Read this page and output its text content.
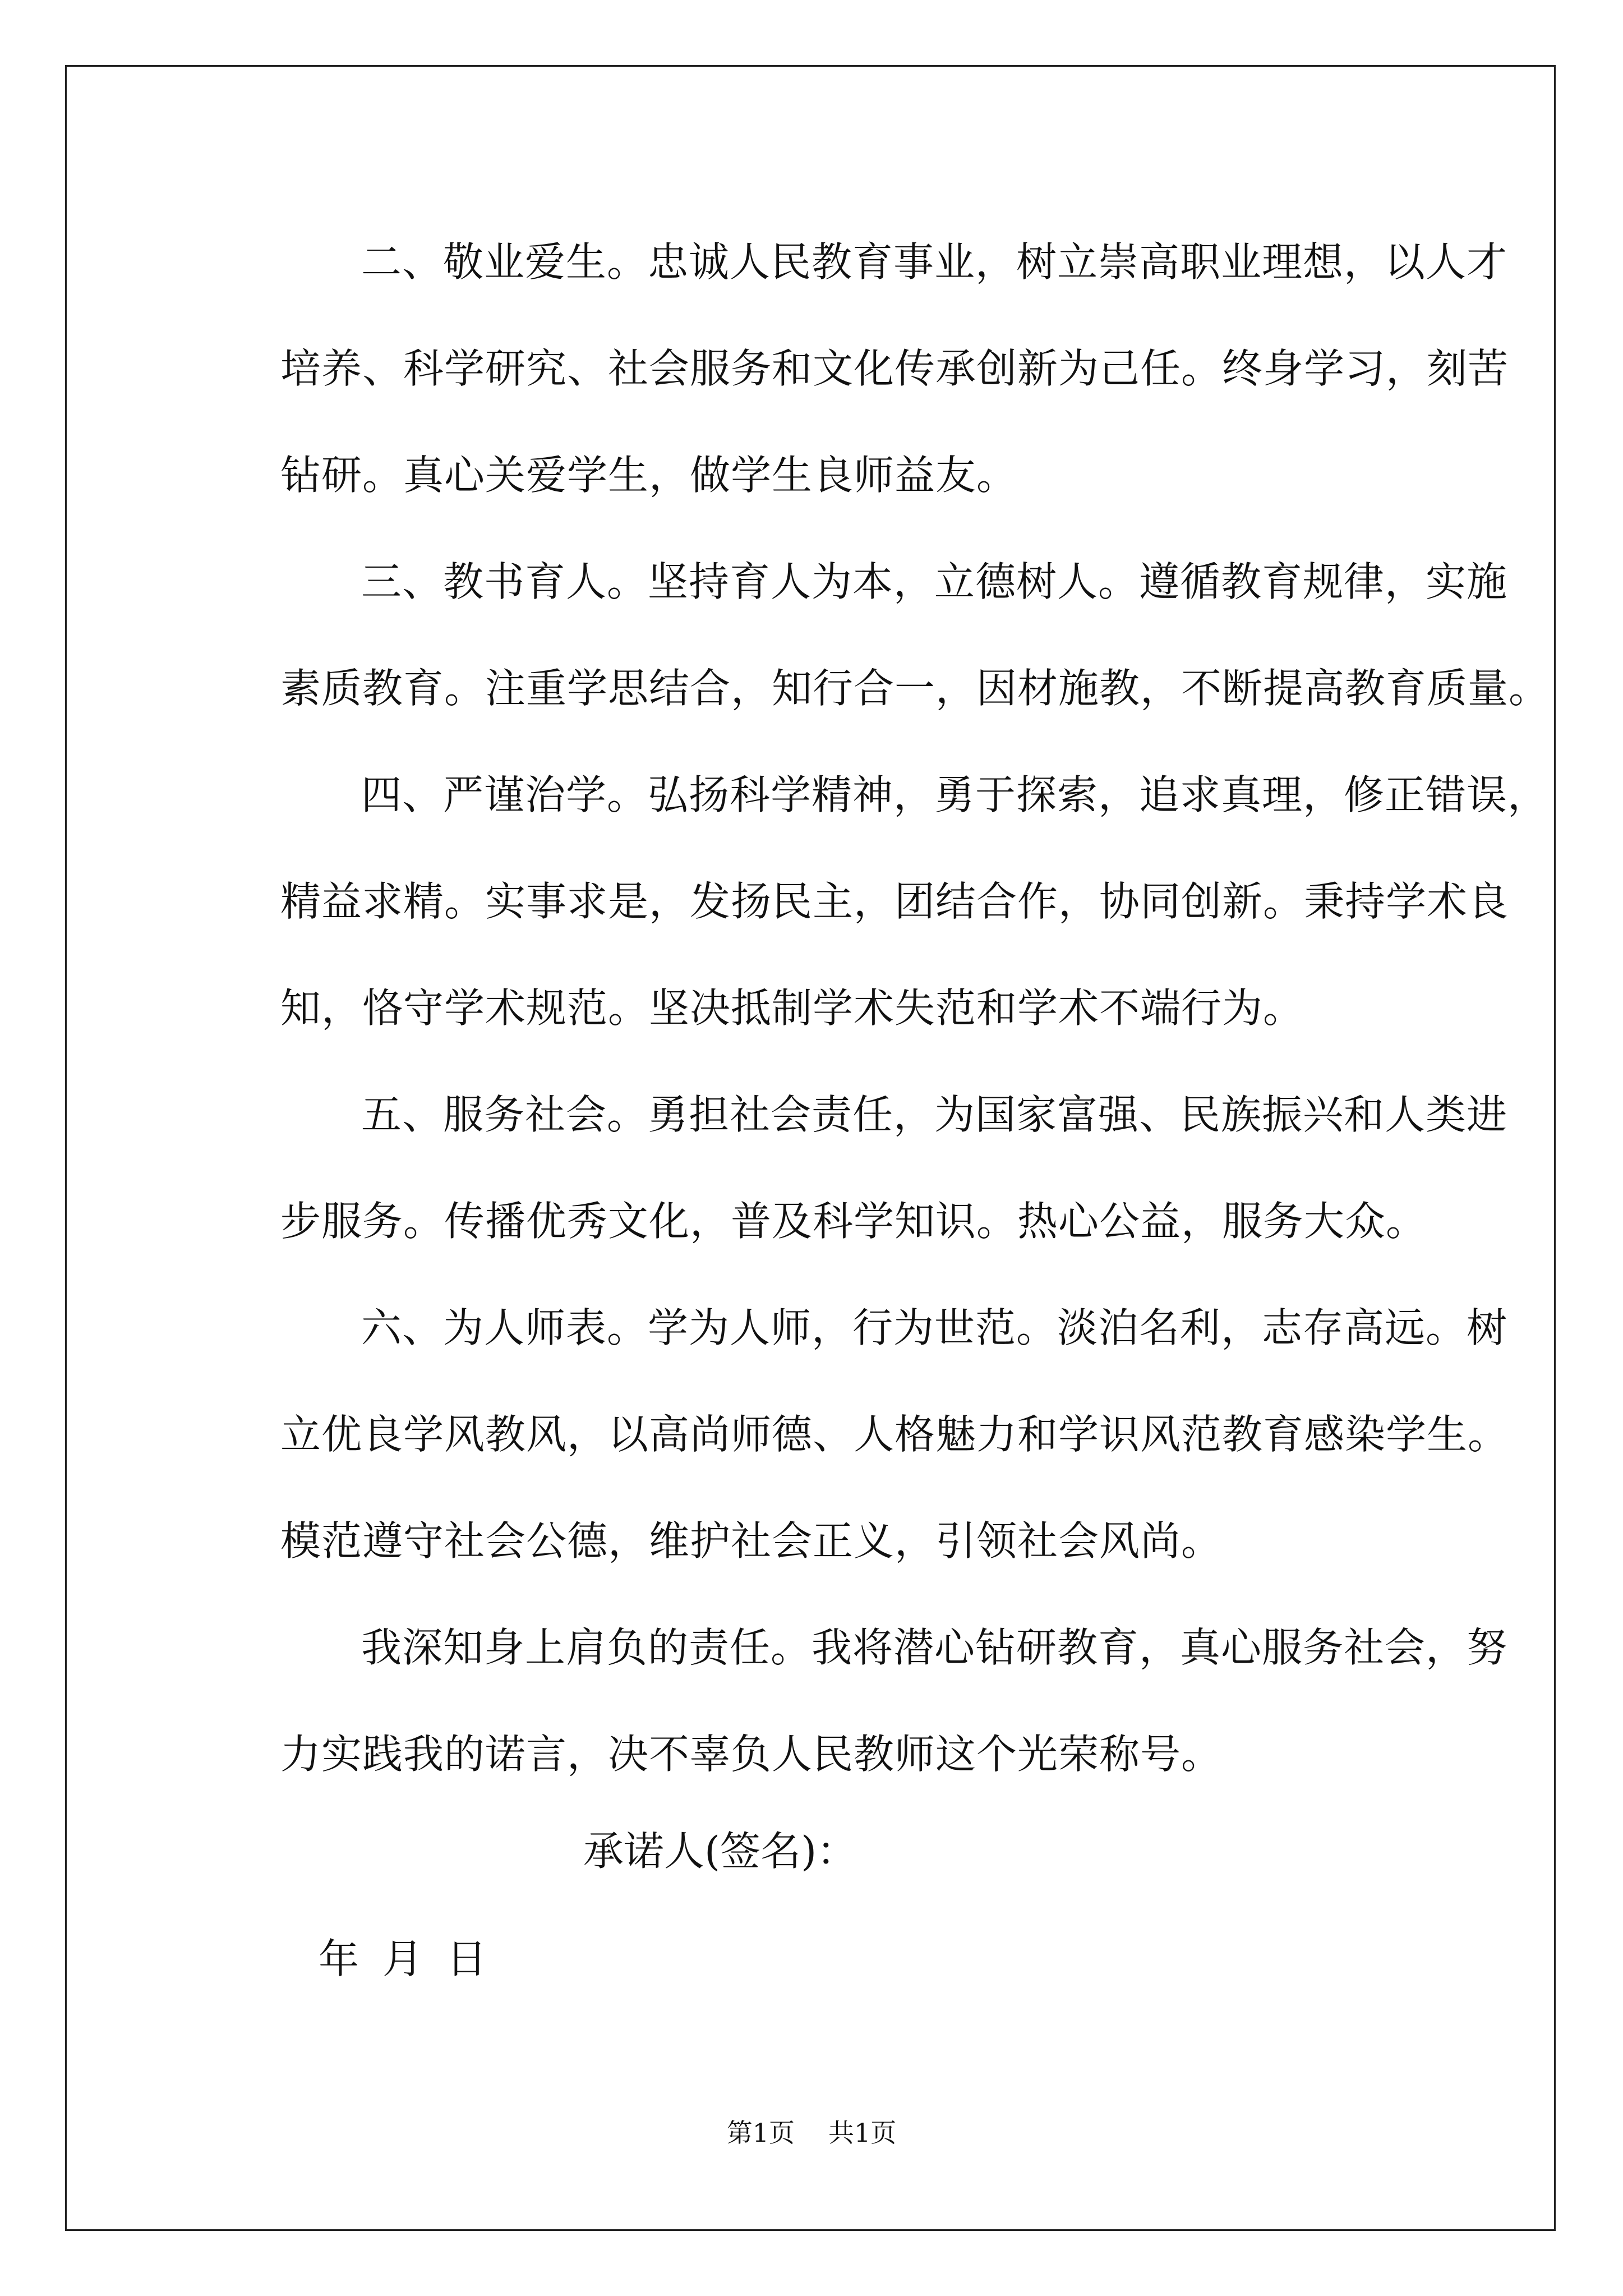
二、敬业爱生。忠诚人民教育事业，树立崇高职业理想，以人才
培养、科学研究、社会服务和文化传承创新为己任。终身学习，刻苦
钻研。真心关爱学生，做学生良师益友。
三、教书育人。坚持育人为本，立德树人。遵循教育规律，实施
素质教育。注重学思结合，知行合一，因材施教，不断提高教育质量。
四、严谨治学。弘扬科学精神，勇于探索，追求真理，修正错误，
精益求精。实事求是，发扬民主，团结合作，协同创新。秉持学术良
知，恪守学术规范。坚决抵制学术失范和学术不端行为。
五、服务社会。勇担社会责任，为国家富强、民族振兴和人类进
步服务。传播优秀文化，普及科学知识。热心公益，服务大众。
六、为人师表。学为人师，行为世范。淡泊名利，志存高远。树
立优良学风教风，以高尚师德、人格魅力和学识风范教育感染学生。
模范遵守社会公德，维护社会正义，引领社会风尚。
我深知身上肩负的责任。我将潜心钻研教育，真心服务社会，努
力实践我的诺言，决不辜负人民教师这个光荣称号。
承诺人(签名)：
年 月 日
第1页 共1页
